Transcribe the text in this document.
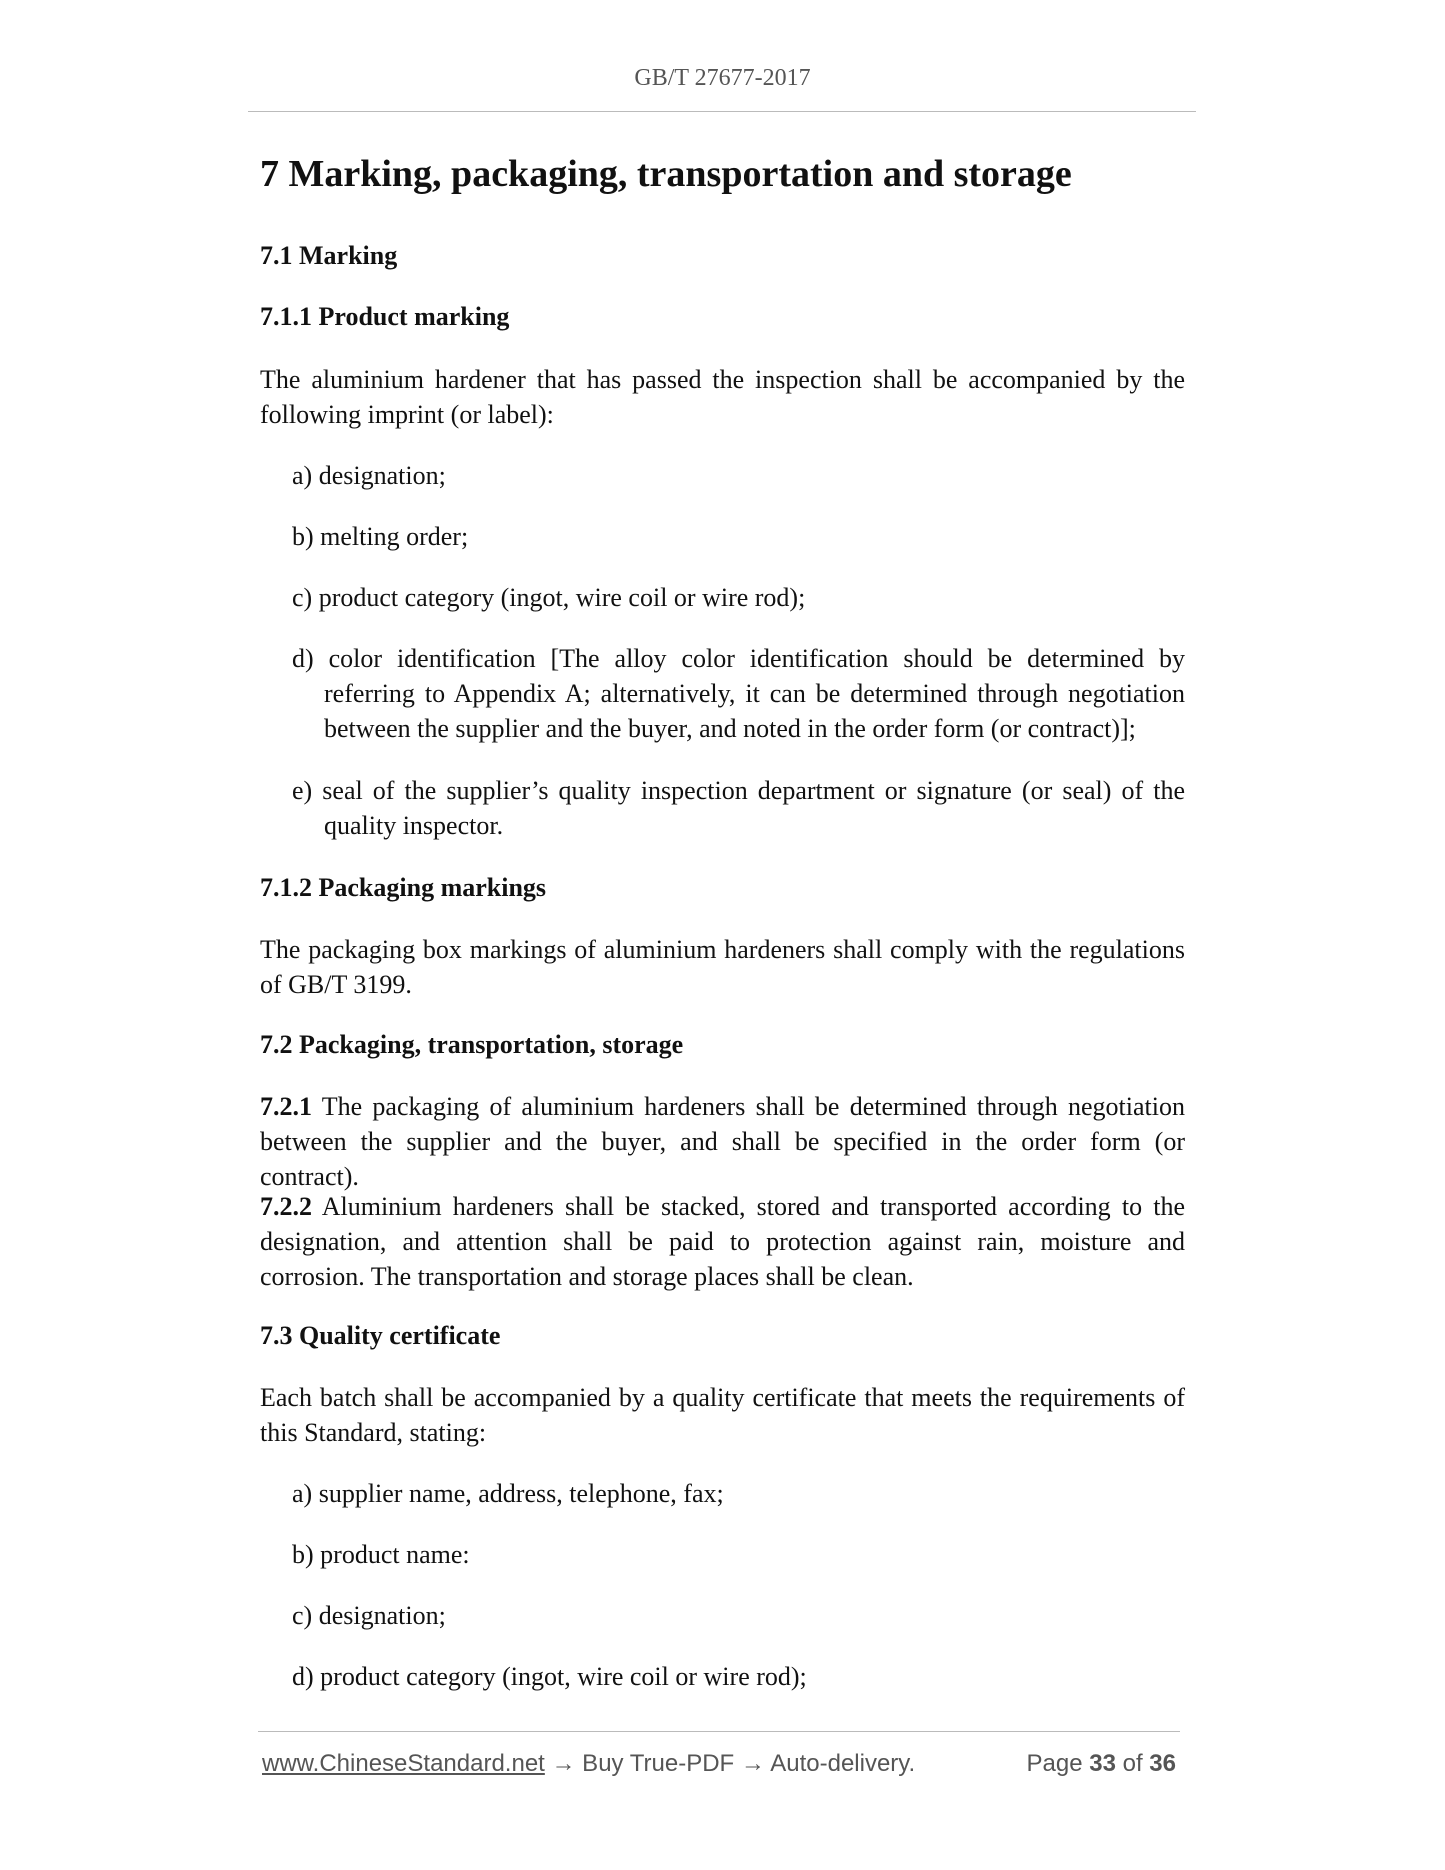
GB/T 27677-2017
7 Marking, packaging, transportation and storage
7.1 Marking
7.1.1 Product marking

The aluminium hardener that has passed the inspection shall be accompanied by the following imprint (or label):

a) designation;

b) melting order;

c) product category (ingot, wire coil or wire rod);

d) color identification [The alloy color identification should be determined by referring to Appendix A; alternatively, it can be determined through negotiation between the supplier and the buyer, and noted in the order form (or contract)];

e) seal of the supplier’s quality inspection department or signature (or seal) of the quality inspector.

7.1.2 Packaging markings

The packaging box markings of aluminium hardeners shall comply with the regulations of GB/T 3199.

7.2 Packaging, transportation, storage

7.2.1 The packaging of aluminium hardeners shall be determined through negotiation between the supplier and the buyer, and shall be specified in the order form (or contract).

7.2.2 Aluminium hardeners shall be stacked, stored and transported according to the designation, and attention shall be paid to protection against rain, moisture and corrosion. The transportation and storage places shall be clean.

7.3 Quality certificate

Each batch shall be accompanied by a quality certificate that meets the requirements of this Standard, stating:

a) supplier name, address, telephone, fax;

b) product name:

c) designation;

d) product category (ingot, wire coil or wire rod);

www.ChineseStandard.net → Buy True-PDF → Auto-delivery.	Page 33 of 36
